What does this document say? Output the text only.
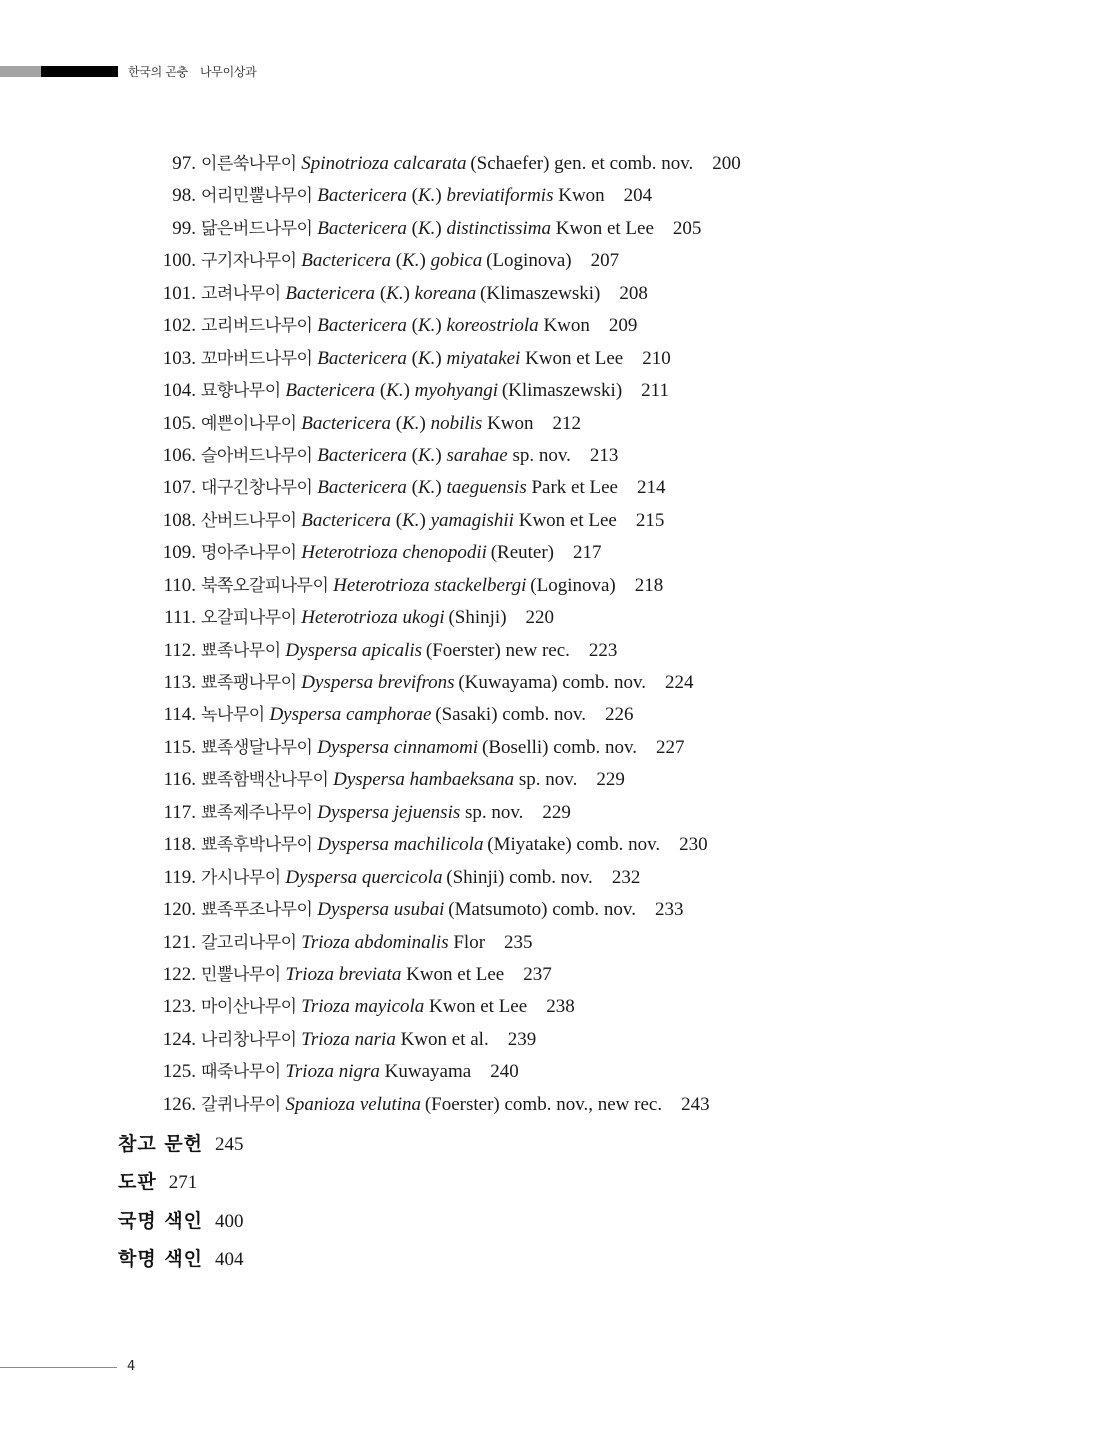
한국의 곤충 나무이상과
97. 이른쑥나무이 Spinotrioza calcarata  (Schaefer) gen. et comb. nov. 200
98. 어리민뿔나무이 Bactericera (K.) breviatiformis Kwon 204
99. 닮은버드나무이 Bactericera (K.) distinctissima Kwon et Lee 205
100. 구기자나무이 Bactericera (K.) gobica  (Loginova) 207
101. 고려나무이 Bactericera (K.) koreana  (Klimaszewski) 208
102. 고리버드나무이 Bactericera (K.) koreostriola Kwon 209
103. 꼬마버드나무이 Bactericera (K.) miyatakei Kwon et Lee 210
104. 묘향나무이 Bactericera (K.) myohyangi  (Klimaszewski) 211
105. 예쁜이나무이 Bactericera (K.) nobilis Kwon 212
106. 슬아버드나무이 Bactericera (K.) sarahae sp. nov. 213
107. 대구긴창나무이 Bactericera (K.) taeguensis Park et Lee 214
108. 산버드나무이 Bactericera (K.) yamagishii Kwon et Lee 215
109. 명아주나무이 Heterotrioza chenopodii  (Reuter) 217
110. 북쪽오갈피나무이 Heterotrioza stackelbergi  (Loginova) 218
111. 오갈피나무이 Heterotrioza ukogi  (Shinji) 220
112. 뾰족나무이 Dyspersa apicalis  (Foerster) new rec. 223
113. 뾰족팽나무이 Dyspersa brevifrons  (Kuwayama) comb. nov. 224
114. 녹나무이 Dyspersa camphorae  (Sasaki) comb. nov. 226
115. 뾰족생달나무이 Dyspersa cinnamomi  (Boselli) comb. nov. 227
116. 뾰족함백산나무이 Dyspersa hambaeksana sp. nov. 229
117. 뾰족제주나무이 Dyspersa jejuensis sp. nov. 229
118. 뾰족후박나무이 Dyspersa machilicola  (Miyatake) comb. nov. 230
119. 가시나무이 Dyspersa quercicola  (Shinji) comb. nov. 232
120. 뾰족푸조나무이 Dyspersa usubai  (Matsumoto) comb. nov. 233
121. 갈고리나무이 Trioza abdominalis Flor 235
122. 민뿔나무이 Trioza breviata Kwon et Lee 237
123. 마이산나무이 Trioza mayicola Kwon et Lee 238
124. 나리창나무이 Trioza naria Kwon et al. 239
125. 때죽나무이 Trioza nigra Kuwayama 240
126. 갈퀴나무이 Spanioza velutina  (Foerster) comb. nov., new rec. 243
참고 문헌 245
도판 271
국명 색인 400
학명 색인 404
4
